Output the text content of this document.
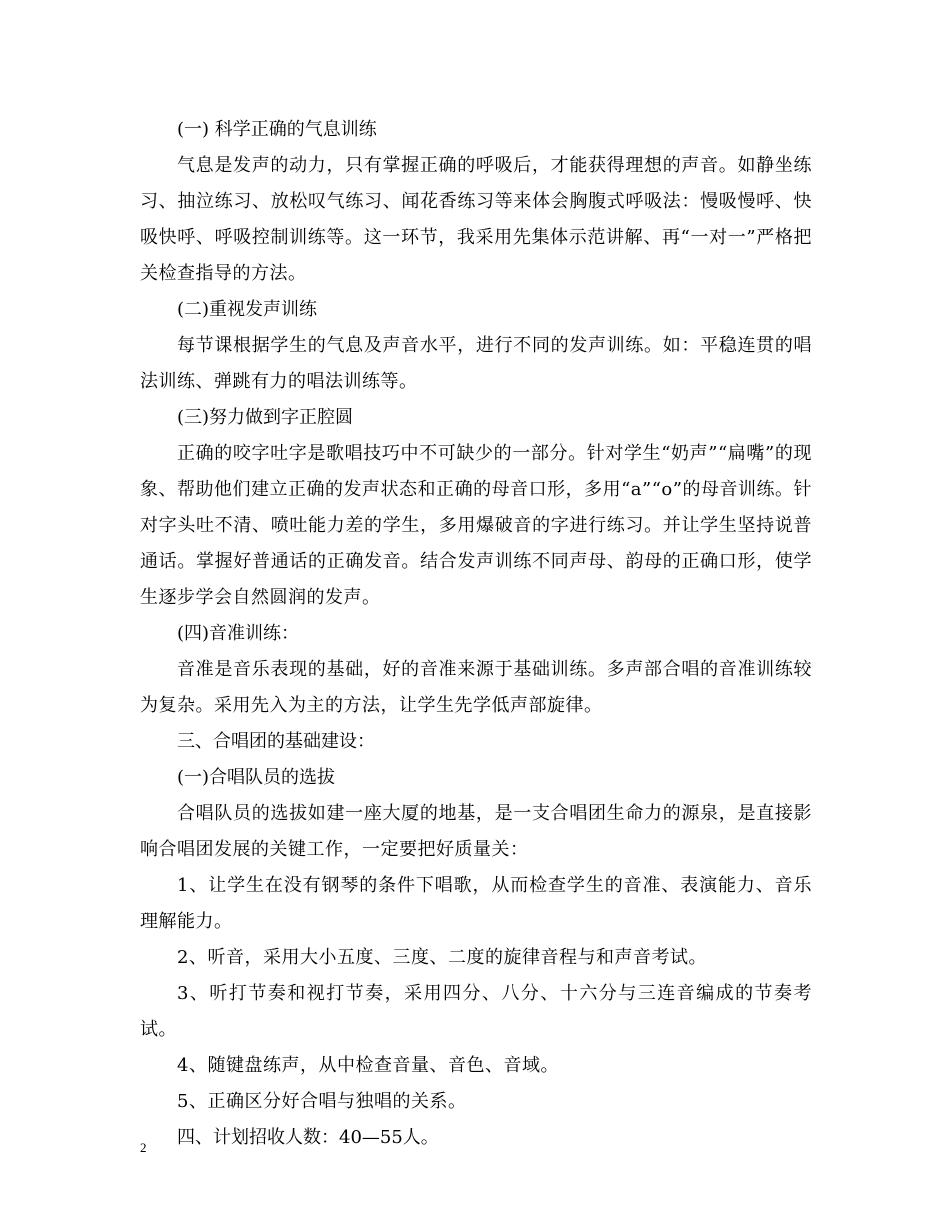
(一) 科学正确的气息训练

气息是发声的动力，只有掌握正确的呼吸后，才能获得理想的声音。如静坐练习、抽泣练习、放松叹气练习、闻花香练习等来体会胸腹式呼吸法：慢吸慢呼、快吸快呼、呼吸控制训练等。这一环节，我采用先集体示范讲解、再“一对一”严格把关检查指导的方法。

(二)重视发声训练

每节课根据学生的气息及声音水平，进行不同的发声训练。如：平稳连贯的唱法训练、弹跳有力的唱法训练等。

(三)努力做到字正腔圆

正确的咬字吐字是歌唱技巧中不可缺少的一部分。针对学生“奶声”“扁嘴”的现象、帮助他们建立正确的发声状态和正确的母音口形，多用“a”“o”的母音训练。针对字头吐不清、喷吐能力差的学生，多用爆破音的字进行练习。并让学生坚持说普通话。掌握好普通话的正确发音。结合发声训练不同声母、韵母的正确口形，使学生逐步学会自然圆润的发声。

(四)音准训练：

音准是音乐表现的基础，好的音准来源于基础训练。多声部合唱的音准训练较为复杂。采用先入为主的方法，让学生先学低声部旋律。

三、合唱团的基础建设：

(一)合唱队员的选拔

合唱队员的选拔如建一座大厦的地基，是一支合唱团生命力的源泉，是直接影响合唱团发展的关键工作，一定要把好质量关：

1、让学生在没有钢琴的条件下唱歌，从而检查学生的音准、表演能力、音乐理解能力。

2、听音，采用大小五度、三度、二度的旋律音程与和声音考试。

3、听打节奏和视打节奏，采用四分、八分、十六分与三连音编成的节奏考试。

4、随键盘练声，从中检查音量、音色、音域。

5、正确区分好合唱与独唱的关系。

四、计划招收人数：40—55人。

2
